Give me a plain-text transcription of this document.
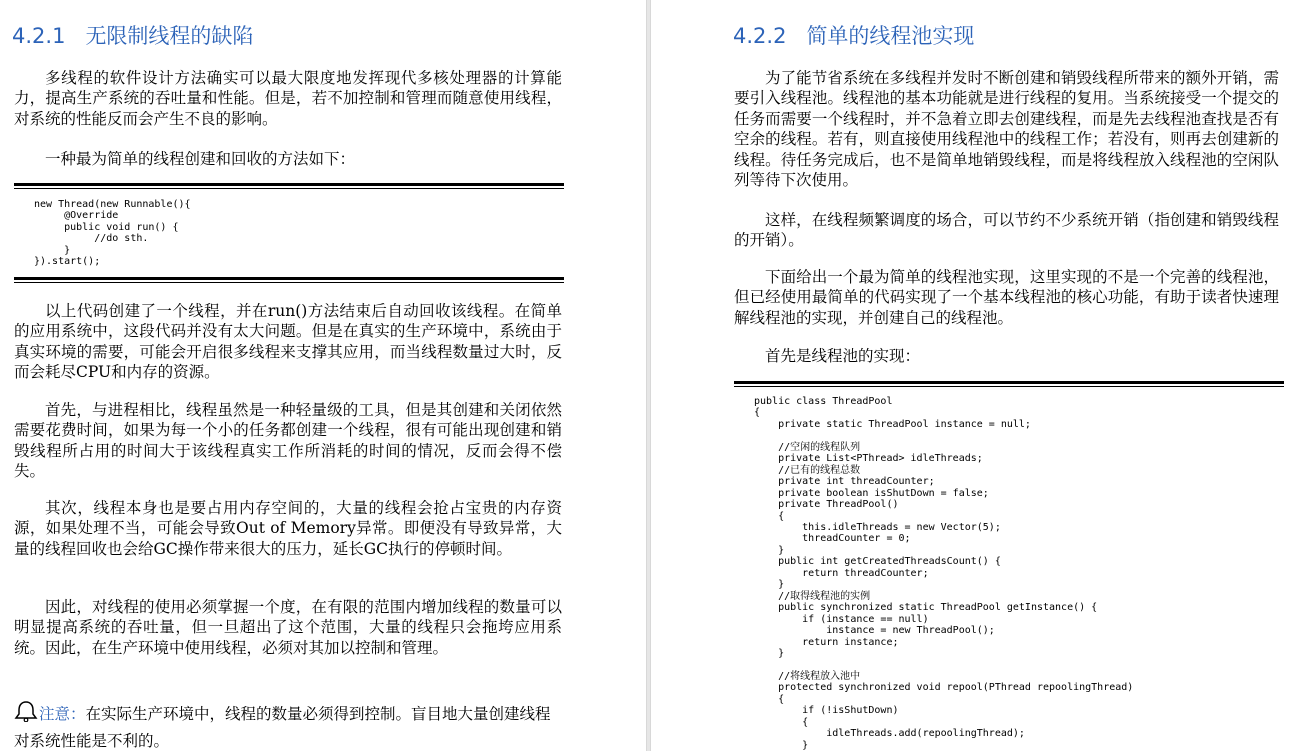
4.2.1 无限制线程的缺陷

多线程的软件设计方法确实可以最大限度地发挥现代多核处理器的计算能力，提高生产系统的吞吐量和性能。但是，若不加控制和管理而随意使用线程，对系统的性能反而会产生不良的影响。

一种最为简单的线程创建和回收的方法如下：

new Thread(new Runnable(){
@Override
public void run() {
//do sth.
}
}).start();

以上代码创建了一个线程，并在run()方法结束后自动回收该线程。在简单的应用系统中，这段代码并没有太大问题。但是在真实的生产环境中，系统由于真实环境的需要，可能会开启很多线程来支撑其应用，而当线程数量过大时，反而会耗尽CPU和内存的资源。

首先，与进程相比，线程虽然是一种轻量级的工具，但是其创建和关闭依然需要花费时间，如果为每一个小的任务都创建一个线程，很有可能出现创建和销毁线程所占用的时间大于该线程真实工作所消耗的时间的情况，反而会得不偿失。

其次，线程本身也是要占用内存空间的，大量的线程会抢占宝贵的内存资源，如果处理不当，可能会导致Out of Memory异常。即便没有导致异常，大量的线程回收也会给GC操作带来很大的压力，延长GC执行的停顿时间。

因此，对线程的使用必须掌握一个度，在有限的范围内增加线程的数量可以明显提高系统的吞吐量，但一旦超出了这个范围，大量的线程只会拖垮应用系统。因此，在生产环境中使用线程，必须对其加以控制和管理。

注意：在实际生产环境中，线程的数量必须得到控制。盲目地大量创建线程对系统性能是不利的。
4.2.2 简单的线程池实现

为了能节省系统在多线程并发时不断创建和销毁线程所带来的额外开销，需要引入线程池。线程池的基本功能就是进行线程的复用。当系统接受一个提交的任务而需要一个线程时，并不急着立即去创建线程，而是先去线程池查找是否有空余的线程。若有，则直接使用线程池中的线程工作；若没有，则再去创建新的线程。待任务完成后，也不是简单地销毁线程，而是将线程放入线程池的空闲队列等待下次使用。

这样，在线程频繁调度的场合，可以节约不少系统开销（指创建和销毁线程的开销）。

下面给出一个最为简单的线程池实现，这里实现的不是一个完善的线程池，但已经使用最简单的代码实现了一个基本线程池的核心功能，有助于读者快速理解线程池的实现，并创建自己的线程池。

首先是线程池的实现：

public class ThreadPool
{
private static ThreadPool instance = null;

//空闲的线程队列
private List<PThread> idleThreads;
//已有的线程总数
private int threadCounter;
private boolean isShutDown = false;
private ThreadPool()
{
this.idleThreads = new Vector(5);
threadCounter = 0;
}
public int getCreatedThreadsCount() {
return threadCounter;
}
//取得线程池的实例
public synchronized static ThreadPool getInstance() {
if (instance == null)
instance = new ThreadPool();
return instance;
}

//将线程放入池中
protected synchronized void repool(PThread repoolingThread)
{
if (!isShutDown)
{
idleThreads.add(repoolingThread);
}
